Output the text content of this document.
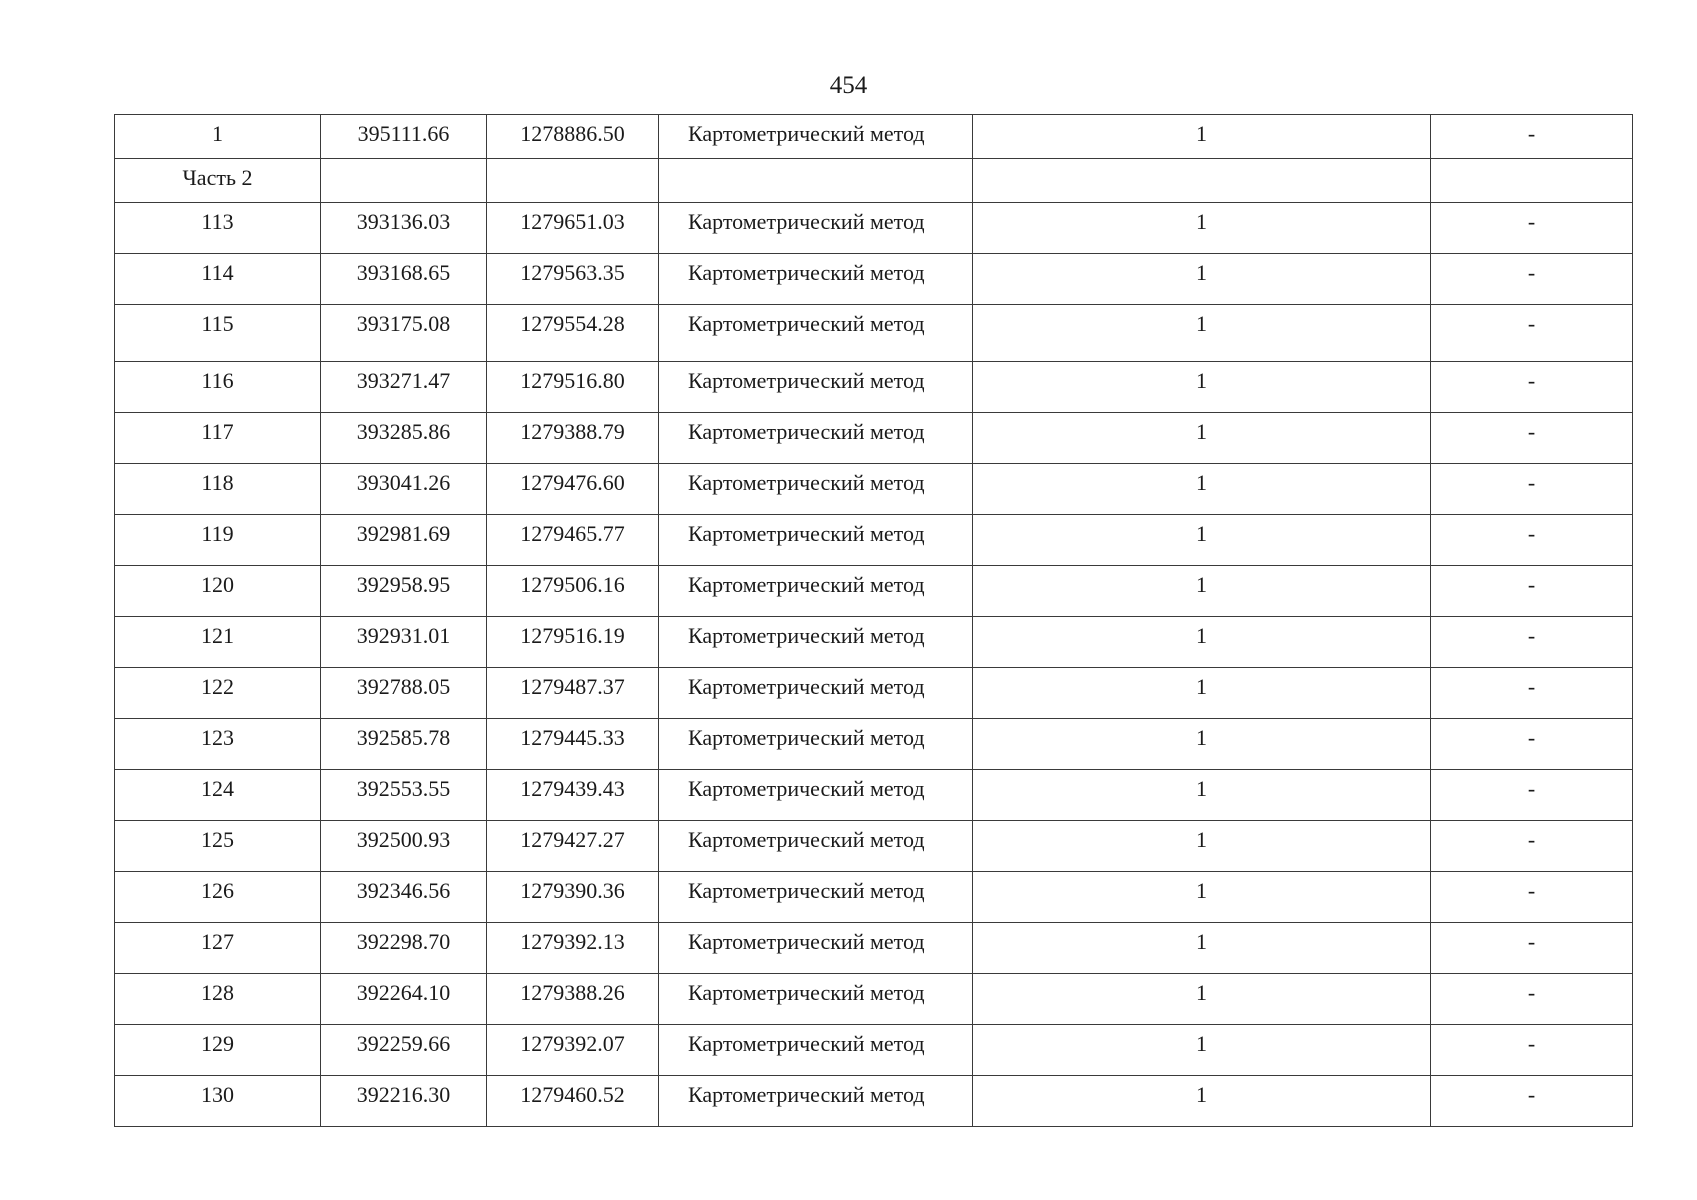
454
1	395111.66	1278886.50	Картометрический метод	1	-
Часть 2					
113	393136.03	1279651.03	Картометрический метод	1	-
114	393168.65	1279563.35	Картометрический метод	1	-
115	393175.08	1279554.28	Картометрический метод	1	-
116	393271.47	1279516.80	Картометрический метод	1	-
117	393285.86	1279388.79	Картометрический метод	1	-
118	393041.26	1279476.60	Картометрический метод	1	-
119	392981.69	1279465.77	Картометрический метод	1	-
120	392958.95	1279506.16	Картометрический метод	1	-
121	392931.01	1279516.19	Картометрический метод	1	-
122	392788.05	1279487.37	Картометрический метод	1	-
123	392585.78	1279445.33	Картометрический метод	1	-
124	392553.55	1279439.43	Картометрический метод	1	-
125	392500.93	1279427.27	Картометрический метод	1	-
126	392346.56	1279390.36	Картометрический метод	1	-
127	392298.70	1279392.13	Картометрический метод	1	-
128	392264.10	1279388.26	Картометрический метод	1	-
129	392259.66	1279392.07	Картометрический метод	1	-
130	392216.30	1279460.52	Картометрический метод	1	-
